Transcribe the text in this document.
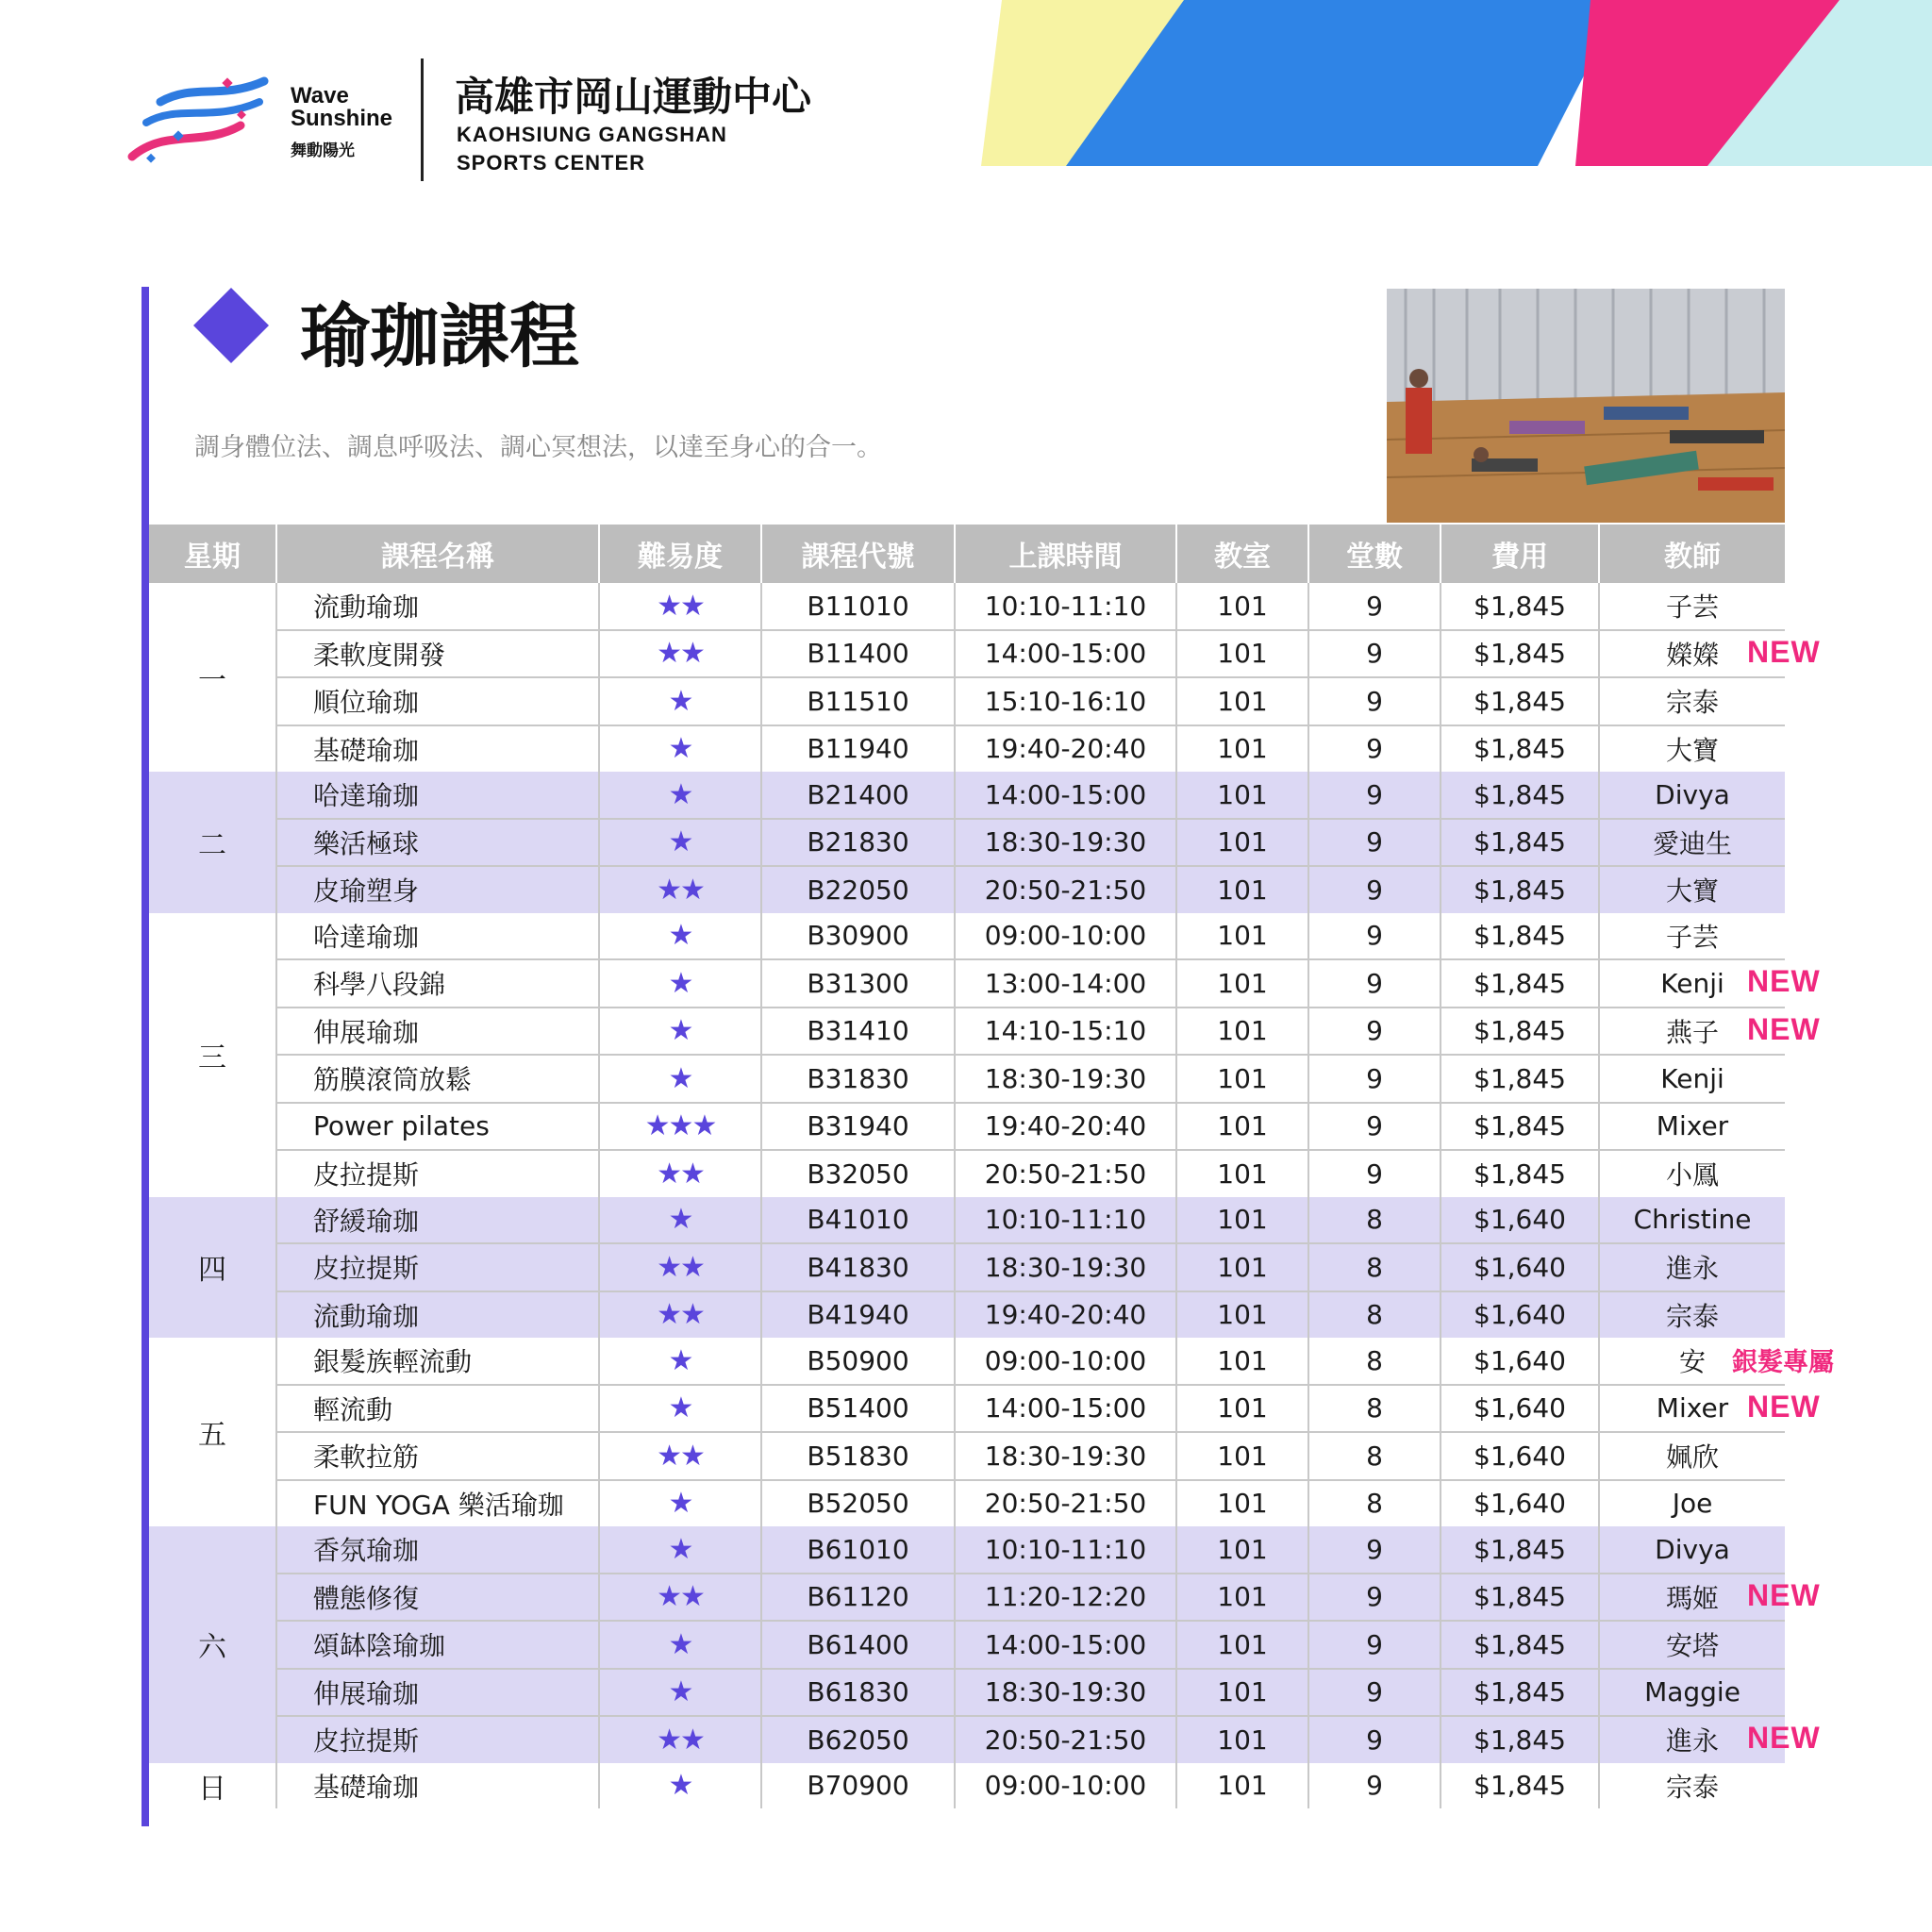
Wave
Sunshine
舞動陽光
高雄市岡山運動中心
KAOHSIUNG GANGSHAN
SPORTS CENTER
瑜珈課程
調身體位法、調息呼吸法、調心冥想法，以達至身心的合一。
星期	課程名稱	難易度	課程代號	上課時間	教室	堂數	費用	教師
一	流動瑜珈	★★	B11010	10:10-11:10	101	9	$1,845	子芸
	柔軟度開發	★★	B11400	14:00-15:00	101	9	$1,845	嬫嬫 NEW

	順位瑜珈	★	B11510	15:10-16:10	101	9	$1,845	宗泰
	基礎瑜珈	★	B11940	19:40-20:40	101	9	$1,845	大寶
二	哈達瑜珈	★	B21400	14:00-15:00	101	9	$1,845	Divya
	樂活極球	★	B21830	18:30-19:30	101	9	$1,845	愛迪生
	皮瑜塑身	★★	B22050	20:50-21:50	101	9	$1,845	大寶
三	哈達瑜珈	★	B30900	09:00-10:00	101	9	$1,845	子芸
	科學八段錦	★	B31300	13:00-14:00	101	9	$1,845	Kenji NEW

	伸展瑜珈	★	B31410	14:10-15:10	101	9	$1,845	燕子 NEW

	筋膜滾筒放鬆	★	B31830	18:30-19:30	101	9	$1,845	Kenji
	Power pilates	★★★	B31940	19:40-20:40	101	9	$1,845	Mixer
	皮拉提斯	★★	B32050	20:50-21:50	101	9	$1,845	小鳳
四	舒緩瑜珈	★	B41010	10:10-11:10	101	8	$1,640	Christine
	皮拉提斯	★★	B41830	18:30-19:30	101	8	$1,640	進永
	流動瑜珈	★★	B41940	19:40-20:40	101	8	$1,640	宗泰
五	銀髮族輕流動	★	B50900	09:00-10:00	101	8	$1,640	安 銀髮專屬

	輕流動	★	B51400	14:00-15:00	101	8	$1,640	Mixer NEW

	柔軟拉筋	★★	B51830	18:30-19:30	101	8	$1,640	姵欣
	FUN YOGA 樂活瑜珈	★	B52050	20:50-21:50	101	8	$1,640	Joe
六	香氛瑜珈	★	B61010	10:10-11:10	101	9	$1,845	Divya
	體態修復	★★	B61120	11:20-12:20	101	9	$1,845	瑪姬 NEW

	頌缽陰瑜珈	★	B61400	14:00-15:00	101	9	$1,845	安塔
	伸展瑜珈	★	B61830	18:30-19:30	101	9	$1,845	Maggie
	皮拉提斯	★★	B62050	20:50-21:50	101	9	$1,845	進永 NEW

日	基礎瑜珈	★	B70900	09:00-10:00	101	9	$1,845	宗泰
